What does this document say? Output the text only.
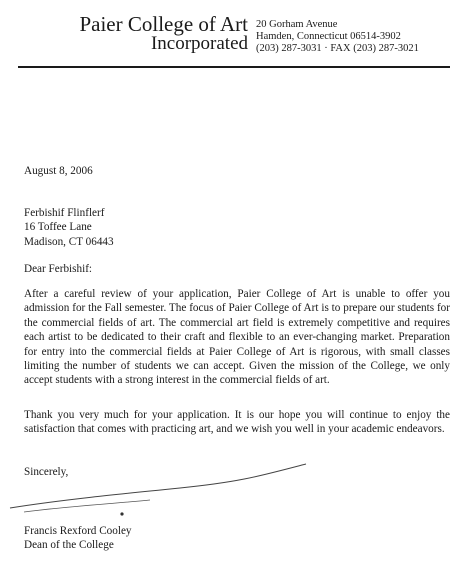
Paier College of Art
Incorporated
20 Gorham Avenue
Hamden, Connecticut 06514-3902
(203) 287-3031 · FAX (203) 287-3021
August 8, 2006
Ferbishif Flinflerf
16 Toffee Lane
Madison, CT 06443
Dear Ferbishif:
After a careful review of your application, Paier College of Art is unable to offer you admission for the Fall semester. The focus of Paier College of Art is to prepare our students for the commercial fields of art. The commercial art field is extremely competitive and requires each artist to be dedicated to their craft and flexible to an ever-changing market. Preparation for entry into the commercial fields at Paier College of Art is rigorous, with small classes limiting the number of students we can accept. Given the mission of the College, we only accept students with a strong interest in the commercial fields of art.
Thank you very much for your application. It is our hope you will continue to enjoy the satisfaction that comes with practicing art, and we wish you well in your academic endeavors.
Sincerely,
Francis Rexford Cooley
Dean of the College
